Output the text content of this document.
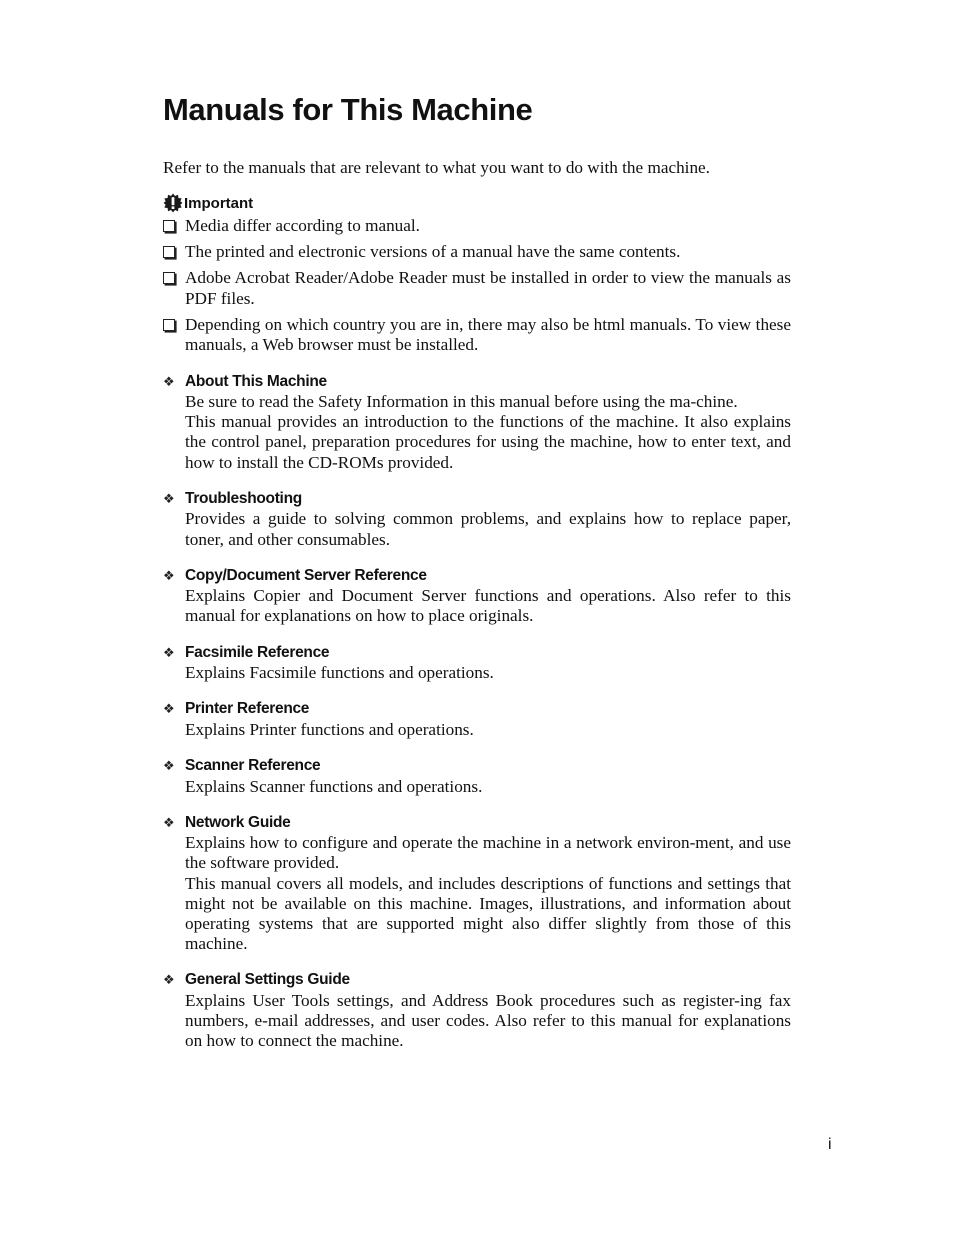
Manuals for This Machine

Refer to the manuals that are relevant to what you want to do with the machine.

Important
Media differ according to manual.
The printed and electronic versions of a manual have the same contents.
Adobe Acrobat Reader/Adobe Reader must be installed in order to view the manuals as PDF files.
Depending on which country you are in, there may also be html manuals. To view these manuals, a Web browser must be installed.
❖ About This Machine

Be sure to read the Safety Information in this manual before using the ma-chine.

This manual provides an introduction to the functions of the machine. It also explains the control panel, preparation procedures for using the machine, how to enter text, and how to install the CD-ROMs provided.

❖ Troubleshooting

Provides a guide to solving common problems, and explains how to replace paper, toner, and other consumables.

❖ Copy/Document Server Reference

Explains Copier and Document Server functions and operations. Also refer to this manual for explanations on how to place originals.

❖ Facsimile Reference

Explains Facsimile functions and operations.

❖ Printer Reference

Explains Printer functions and operations.

❖ Scanner Reference

Explains Scanner functions and operations.

❖ Network Guide

Explains how to configure and operate the machine in a network environ-ment, and use the software provided.

This manual covers all models, and includes descriptions of functions and settings that might not be available on this machine. Images, illustrations, and information about operating systems that are supported might also differ slightly from those of this machine.

❖ General Settings Guide

Explains User Tools settings, and Address Book procedures such as register-ing fax numbers, e-mail addresses, and user codes. Also refer to this manual for explanations on how to connect the machine.

i
